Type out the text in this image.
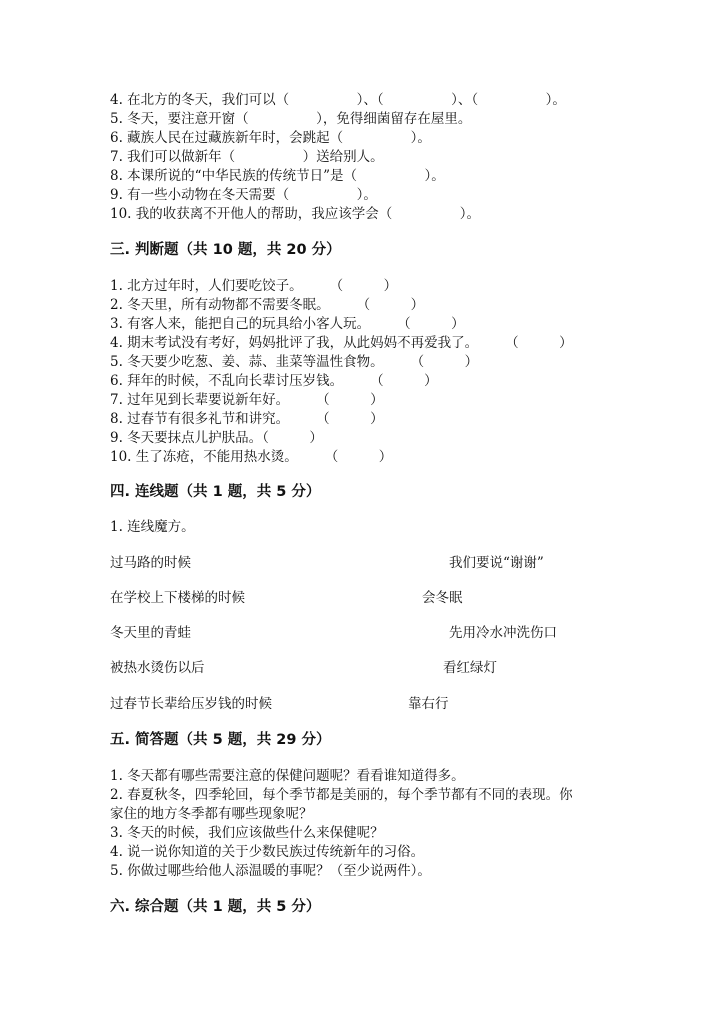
4. 在北方的冬天，我们可以（　　　　　）、（　　　　　）、（　　　　　）。
5. 冬天，要注意开窗（　　　　　），免得细菌留存在屋里。
6. 藏族人民在过藏族新年时，会跳起（　　　　　）。
7. 我们可以做新年（　　　　　）送给别人。
8. 本课所说的“中华民族的传统节日”是（　　　　　）。
9. 有一些小动物在冬天需要（　　　　　）。
10. 我的收获离不开他人的帮助，我应该学会（　　　　　）。
三. 判断题（共 10 题，共 20 分）
1. 北方过年时，人们要吃饺子。　　　（　　　）
2. 冬天里，所有动物都不需要冬眠。　　　（　　　）
3. 有客人来，能把自己的玩具给小客人玩。　　　（　　　）
4. 期末考试没有考好，妈妈批评了我，从此妈妈不再爱我了。　　　（　　　）
5. 冬天要少吃葱、姜、蒜、韭菜等温性食物。　　　（　　　）
6. 拜年的时候，不乱向长辈讨压岁钱。　　　（　　　）
7. 过年见到长辈要说新年好。　　　（　　　）
8. 过春节有很多礼节和讲究。　　　（　　　）
9. 冬天要抹点儿护肤品。（　　　）
10. 生了冻疮，不能用热水烫。　　　（　　　）
四. 连线题（共 1 题，共 5 分）
1. 连线魔方。
过马路的时候
在学校上下楼梯的时候
冬天里的青蛙
被热水烫伤以后
过春节长辈给压岁钱的时候
我们要说“谢谢”
会冬眠
先用冷水冲洗伤口
看红绿灯
靠右行
五. 简答题（共 5 题，共 29 分）
1. 冬天都有哪些需要注意的保健问题呢？看看谁知道得多。
2. 春夏秋冬，四季轮回，每个季节都是美丽的，每个季节都有不同的表现。你
家住的地方冬季都有哪些现象呢？
3. 冬天的时候，我们应该做些什么来保健呢？
4. 说一说你知道的关于少数民族过传统新年的习俗。
5. 你做过哪些给他人添温暖的事呢？（至少说两件）。
六. 综合题（共 1 题，共 5 分）
